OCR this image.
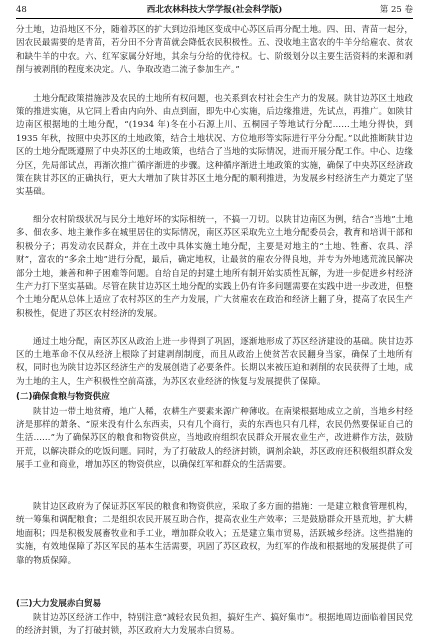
48	西北农林科技大学学报(社会科学版)	第 25 卷

分土地，边沿地区不分，随着苏区的扩大到边沿地区变成中心苏区后再分配土地。四、田、青苗一起分，因农民最需要的是青苗，若分田不分青苗就会降低农民积极性。五、没收地主富农的牛羊分给雇农、贫农和缺牛羊的中农。六、红军家属分好地，其余与分给的优待权。七、阶级划分以主要生活资料的来源和剥削与被剥削的程度来决定。八、争取改造二流子参加生产。”

土地分配政策措施涉及农民的土地所有权问题，也关系到农村社会生产力的发展。陕甘边苏区土地政策的推进实施，从它同上看由内向外、由点到面，即先中心实施，后边缘推进，先试点，再推广。如陕甘边南区根据地的土地分配，“(1934 年)冬在小石源上川、五桐园子等地试行分配……土地分得快，到 1935 年秋，按照中央苏区的土地政策，结合土地状况、方位地形等实际进行平分分配。”以此推断陕甘边区的土地分配既遵照了中央苏区的土地政策，也结合了当地的实际情况，进而开展分配工作。中心、边缘分区，先局部试点，再渐次推广循序渐进的步骤。这种循序渐进土地政策的实施，确保了中央苏区经济政策在陕甘苏区的正确执行，更大大增加了陕甘苏区土地分配的顺利推进，为发展乡村经济生产力奠定了坚实基础。

细分农村阶级状况与民分土地好坏的实际相统一，不搞一刀切。以陕甘边南区为例，结合“当地”土地多、佃农多、地主兼作多在城里居住的实际情况，南区苏区采取先立土地分配委员会，教育和培训干部和积极分子；再发动农民群众，并在土改中具体实施土地分配，主要是对地主的“土地、牲畜、农具、浮财”，富农的“多余土地”进行分配，最后，确定地权，让最贫的雇农分得良地，并专为外地逃荒流民解决部分土地，兼善和种子困难等问题。自给自足的封建土地所有制开始实质性瓦解，为进一步促进乡村经济生产力打下坚实基础。尽管在陕甘边苏区土地分配的实践上仍有许多问题需要在实践中进一步改进，但整个土地分配从总体上适应了农村苏区的生产力发展，广大贫雇农在政治和经济上翻了身，提高了农民生产积极性，促进了苏区农村经济的发展。

通过土地分配，南区苏区从政治上进一步得到了巩固，逐渐地形成了苏区经济建设的基础。陕甘边苏区的土地革命不仅从经济上根除了封建剥削制度，而且从政治上使贫苦农民翻身当家，确保了土地所有权，同时也为陕甘边苏区经济生产的发展创造了必要条件。长期以来被压迫和剥削的农民获得了土地，成为土地的主人，生产积极性空前高涨，为苏区农业经济的恢复与发展提供了保障。

(二)确保食粮与物资供应

陕甘边一带土地贫瘠，地广人稀，农耕生产要素来源广种薄收。在南梁根据地成立之前，当地乡村经济是那样的萧条、“原来没有什么东西卖，只有几个商行，卖的东西也只有几样，农民仍然要保证自己的生活……”为了确保苏区的粮食和物资供应，当地政府组织农民群众开展农业生产，改进耕作方法，鼓励开荒，以解决群众的吃饭问题。同时，为了打破敌人的经济封锁，调剂余缺，苏区政府还积极组织群众发展手工业和商业，增加苏区的物资供应，以确保红军和群众的生活需要。

陕甘边区政府为了保证苏区军民的粮食和物资供应，采取了多方面的措施：一是建立粮食管理机构，统一筹集和调配粮食；二是组织农民开展互助合作，提高农业生产效率；三是鼓励群众开垦荒地，扩大耕地面积；四是积极发展畜牧业和手工业，增加群众收入；五是建立集市贸易，活跃城乡经济。这些措施的实施，有效地保障了苏区军民的基本生活需要，巩固了苏区政权，为红军的作战和根据地的发展提供了可靠的物质保障。

(三)大力发展赤白贸易

陕甘边苏区经济工作中，特别注意“减轻农民负担，搞好生产、搞好集市”。根据地周边面临着国民党的经济封锁，为了打破封锁，苏区政府大力发展赤白贸易。
